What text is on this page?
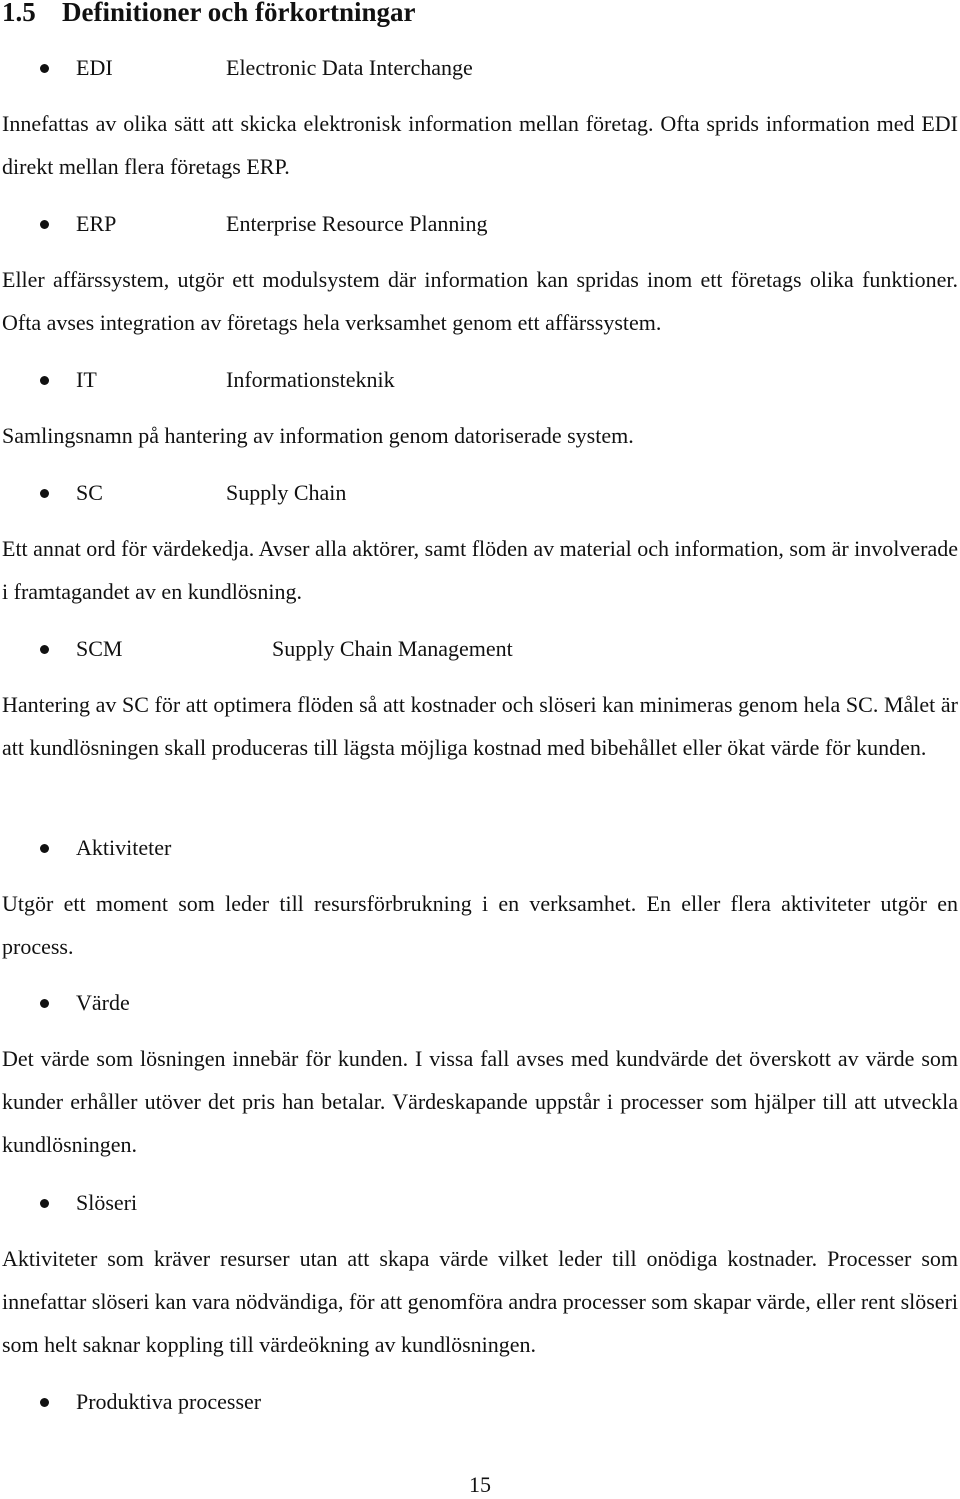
1.5 Definitioner och förkortningar
EDI	Electronic Data Interchange

Innefattas av olika sätt att skicka elektronisk information mellan företag. Ofta sprids information med EDI direkt mellan flera företags ERP.

ERP	Enterprise Resource Planning

Eller affärssystem, utgör ett modulsystem där information kan spridas inom ett företags olika funktioner. Ofta avses integration av företags hela verksamhet genom ett affärssystem.

IT	Informationsteknik

Samlingsnamn på hantering av information genom datoriserade system.

SC	Supply Chain

Ett annat ord för värdekedja. Avser alla aktörer, samt flöden av material och information, som är involverade i framtagandet av en kundlösning.

SCM	Supply Chain Management

Hantering av SC för att optimera flöden så att kostnader och slöseri kan minimeras genom hela SC. Målet är att kundlösningen skall produceras till lägsta möjliga kostnad med bibehållet eller ökat värde för kunden.

Aktiviteter

Utgör ett moment som leder till resursförbrukning i en verksamhet. En eller flera aktiviteter utgör en process.

Värde

Det värde som lösningen innebär för kunden. I vissa fall avses med kundvärde det överskott av värde som kunder erhåller utöver det pris han betalar. Värdeskapande uppstår i processer som hjälper till att utveckla kundlösningen.

Slöseri

Aktiviteter som kräver resurser utan att skapa värde vilket leder till onödiga kostnader. Processer som innefattar slöseri kan vara nödvändiga, för att genomföra andra processer som skapar värde, eller rent slöseri som helt saknar koppling till värdeökning av kundlösningen.

Produktiva processer
15
